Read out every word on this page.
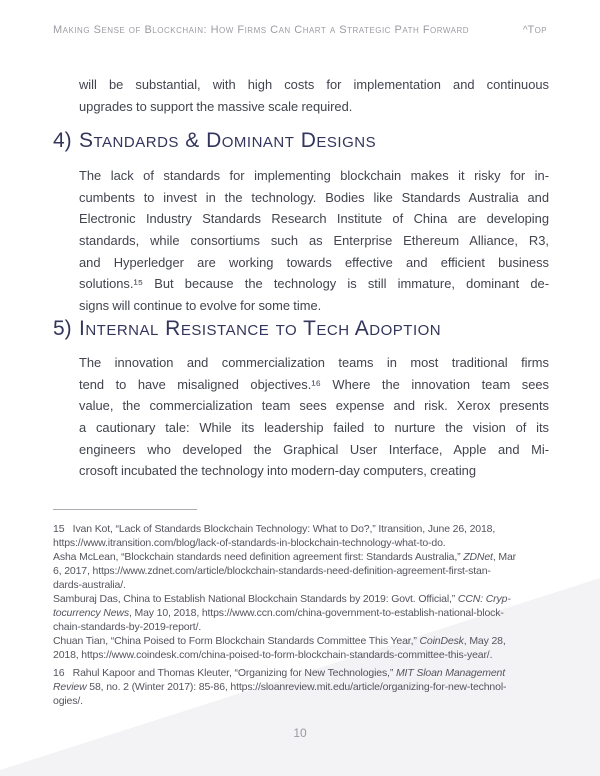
Making Sense of Blockchain: How Firms Can Chart a Strategic Path Forward	^Top
will be substantial, with high costs for implementation and continuous
upgrades to support the massive scale required.
4) Standards & Dominant Designs
The lack of standards for implementing blockchain makes it risky for in-
cumbents to invest in the technology. Bodies like Standards Australia and
Electronic Industry Standards Research Institute of China are developing
standards, while consortiums such as Enterprise Ethereum Alliance, R3,
and Hyperledger are working towards effective and efficient business
solutions.¹⁵ But because the technology is still immature, dominant de-
signs will continue to evolve for some time.
5) Internal Resistance to Tech Adoption
The innovation and commercialization teams in most traditional firms
tend to have misaligned objectives.¹⁶ Where the innovation team sees
value, the commercialization team sees expense and risk. Xerox presents
a cautionary tale: While its leadership failed to nurture the vision of its
engineers who developed the Graphical User Interface, Apple and Mi-
crosoft incubated the technology into modern-day computers, creating
15   Ivan Kot, “Lack of Standards Blockchain Technology: What to Do?,” Itransition, June 26, 2018,
https://www.itransition.com/blog/lack-of-standards-in-blockchain-technology-what-to-do.
Asha McLean, “Blockchain standards need definition agreement first: Standards Australia,” ZDNet, Mar
6, 2017, https://www.zdnet.com/article/blockchain-standards-need-definition-agreement-first-stan-
dards-australia/.
Samburaj Das, China to Establish National Blockchain Standards by 2019: Govt. Official,” CCN: Cryp-
tocurrency News, May 10, 2018, https://www.ccn.com/china-government-to-establish-national-block-
chain-standards-by-2019-report/.
Chuan Tian, “China Poised to Form Blockchain Standards Committee This Year,” CoinDesk, May 28,
2018, https://www.coindesk.com/china-poised-to-form-blockchain-standards-committee-this-year/.
16   Rahul Kapoor and Thomas Kleuter, “Organizing for New Technologies,” MIT Sloan Management
Review 58, no. 2 (Winter 2017): 85-86, https://sloanreview.mit.edu/article/organizing-for-new-technol-
ogies/.
10
